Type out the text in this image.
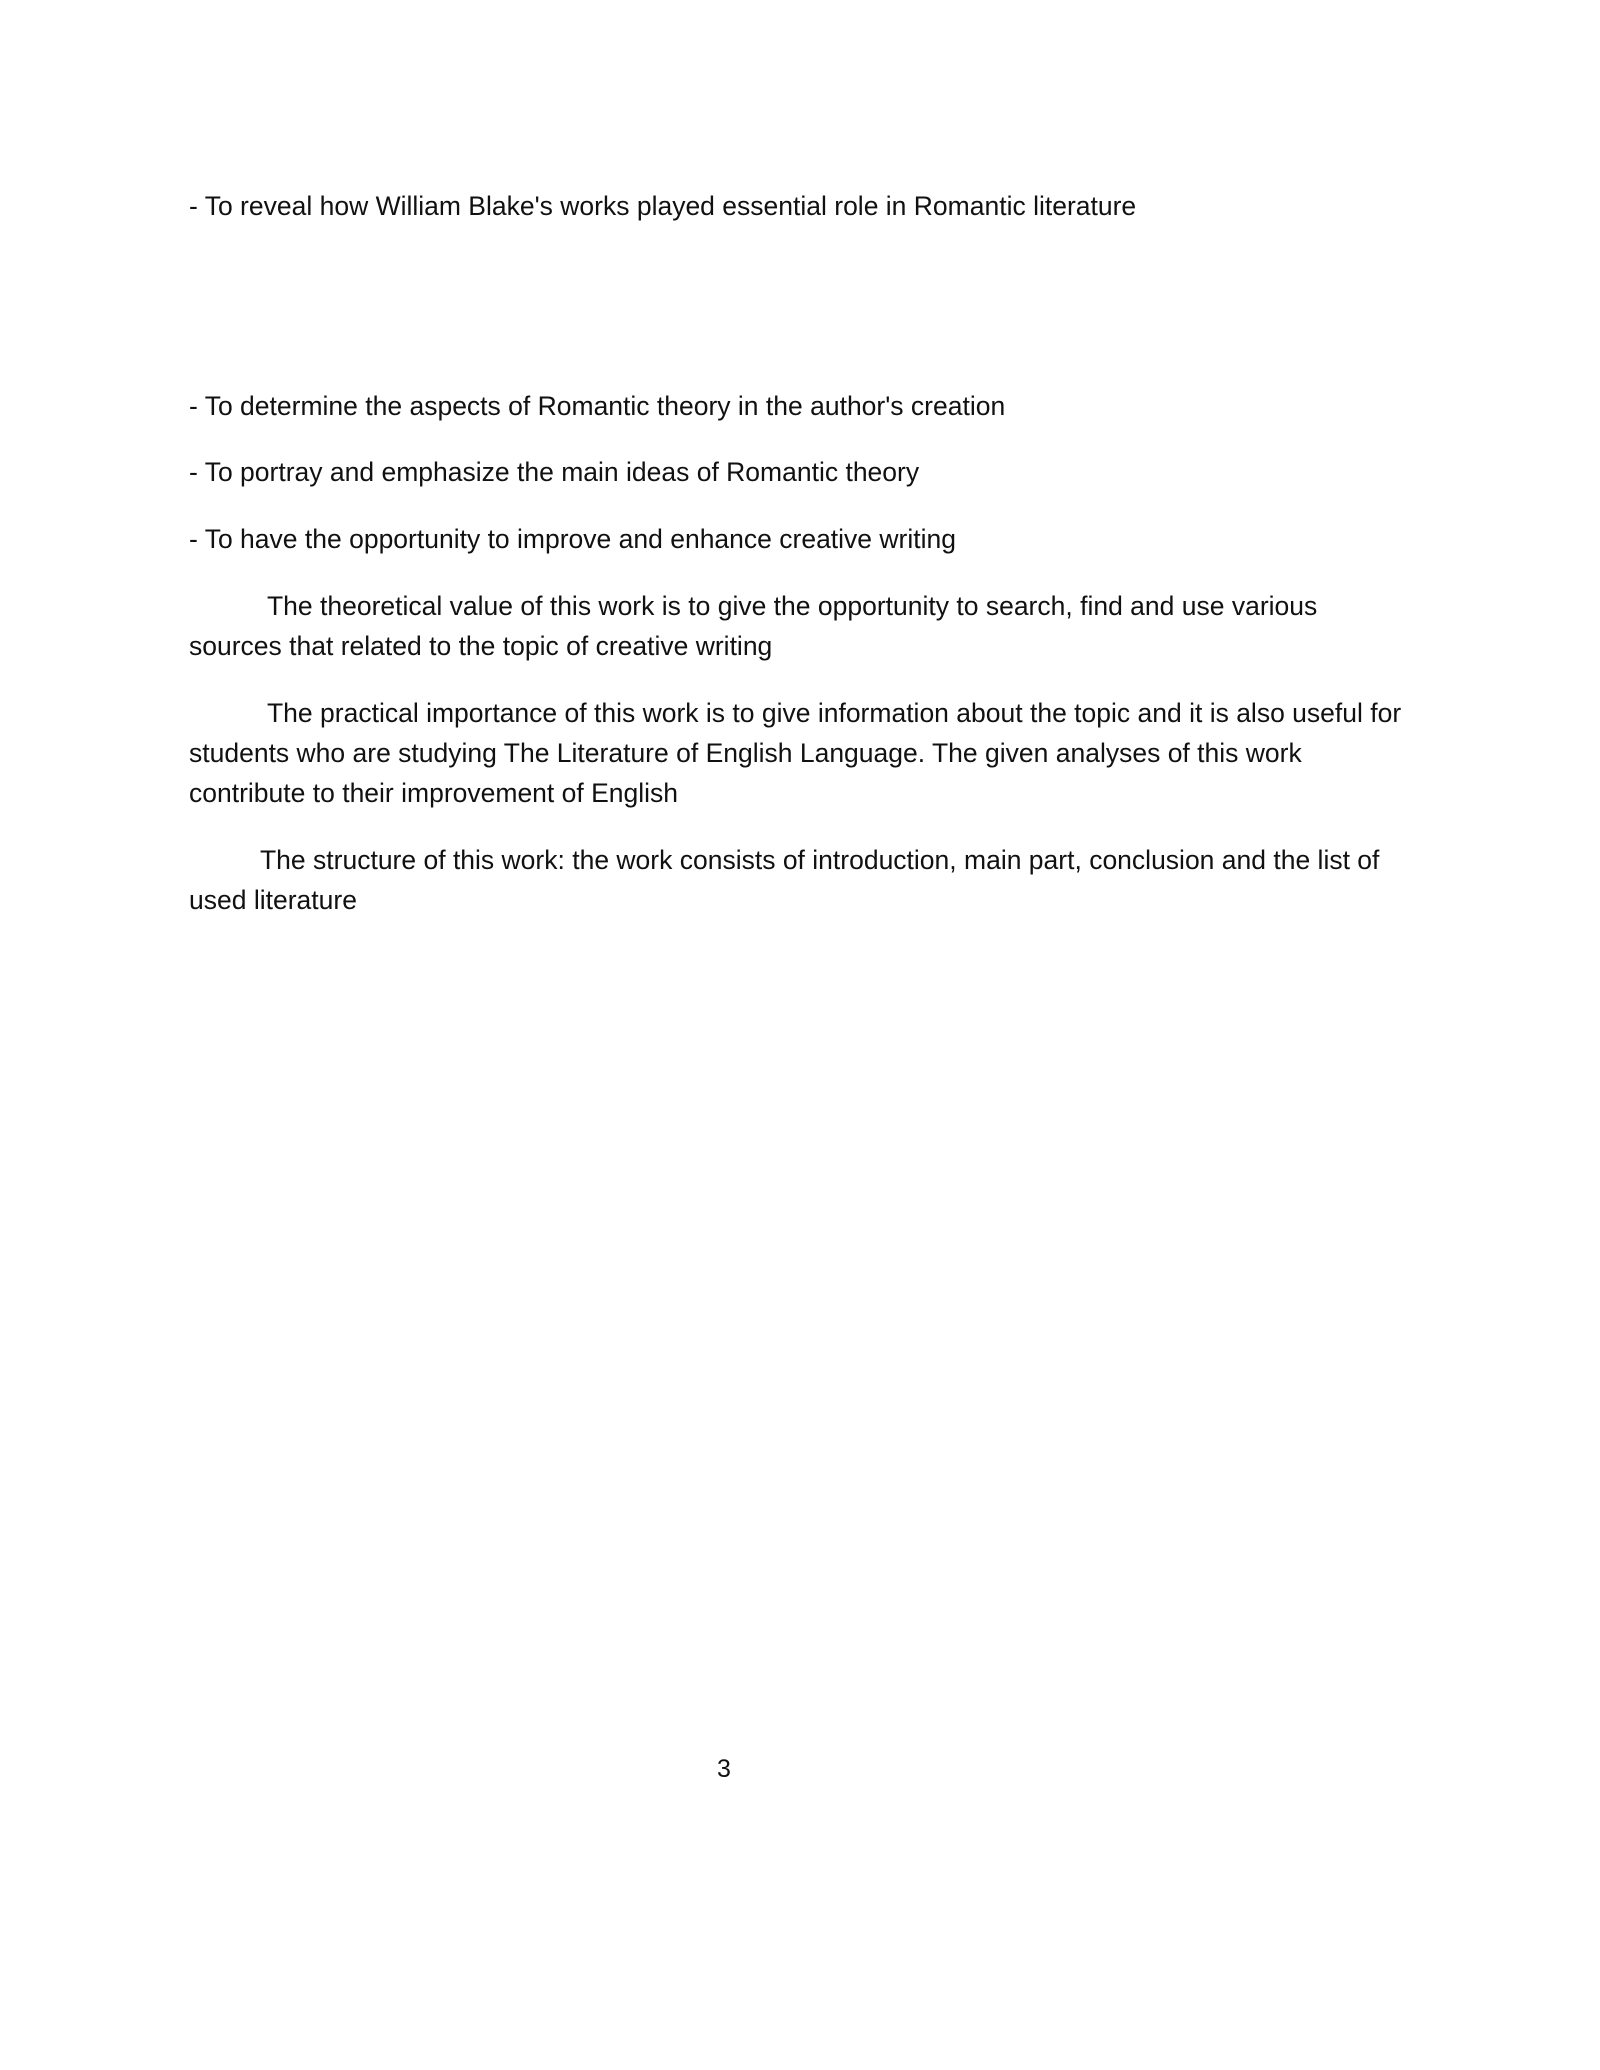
- To reveal how William Blake's works played essential role in Romantic literature

- To determine the aspects of Romantic theory in the author's creation

- To portray and emphasize the main ideas of Romantic theory

- To have the opportunity to improve and enhance creative writing

The theoretical value of this work is to give the opportunity to search, find and use various sources that related to the topic of creative writing

The practical importance of this work is to give information about the topic and it is also useful for students who are studying The Literature of English Language. The given analyses of this work contribute to their improvement of English

The structure of this work: the work consists of introduction, main part, conclusion and the list of used literature

3
